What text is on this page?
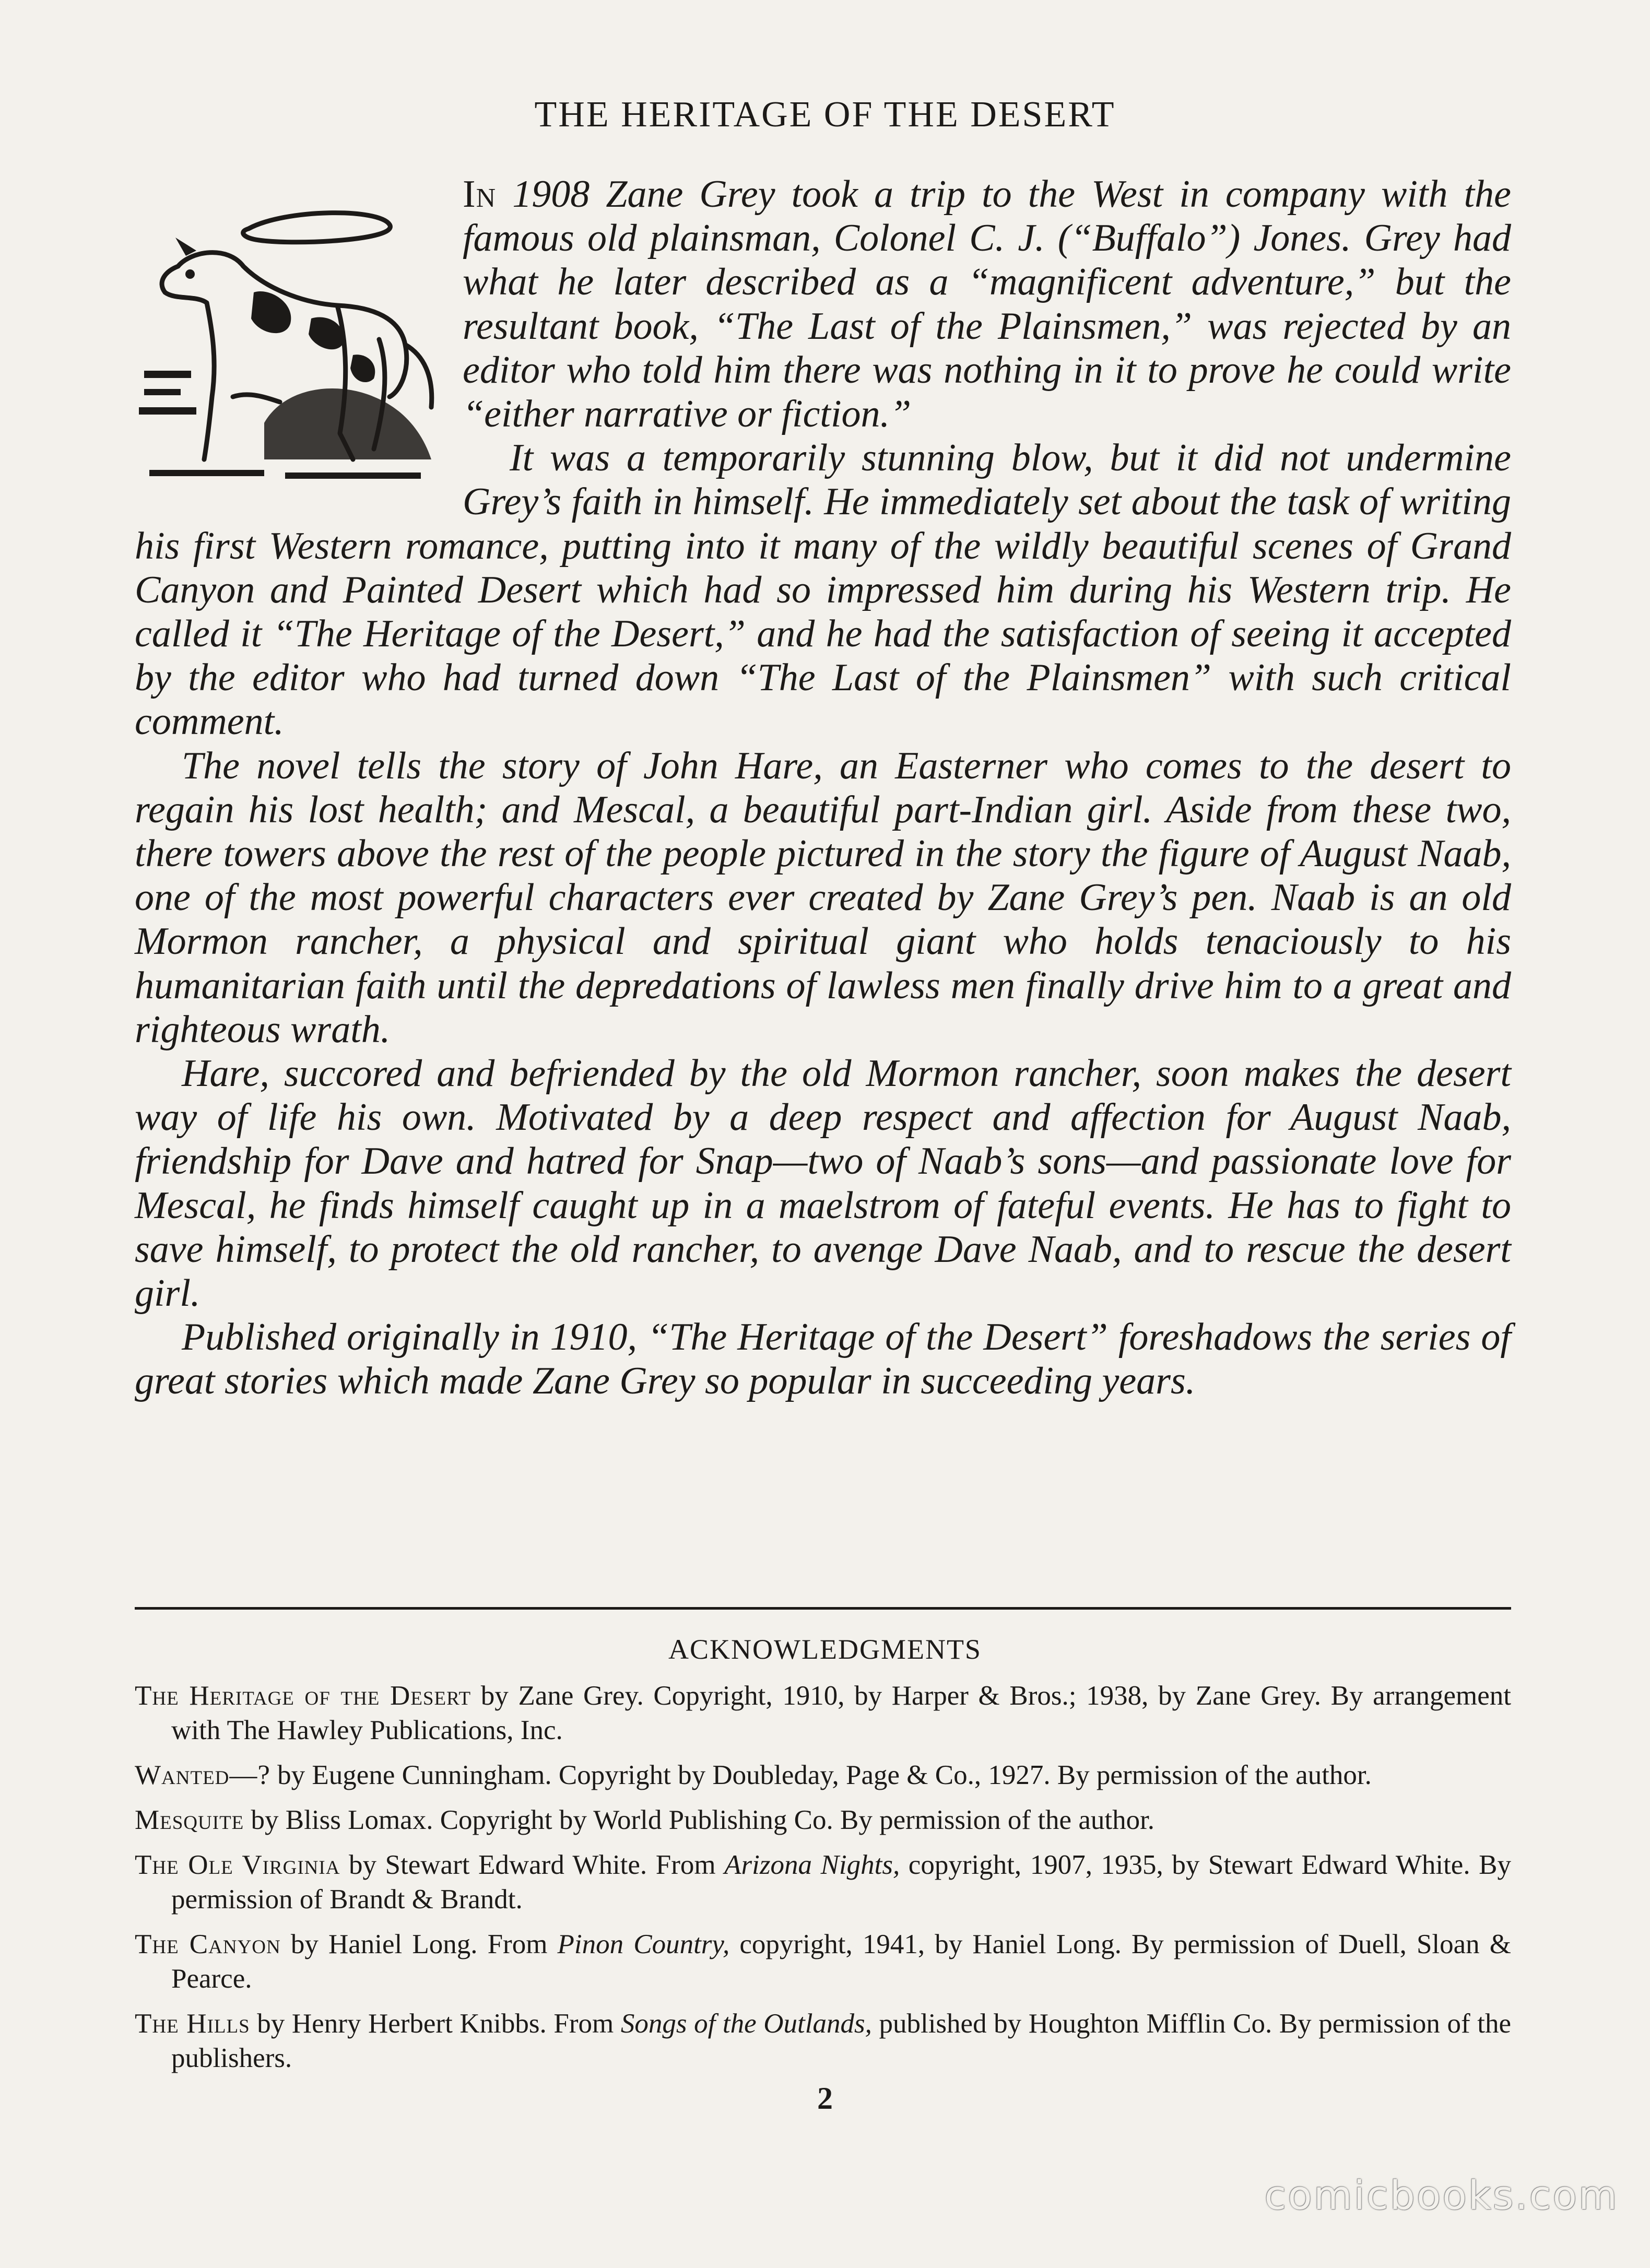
THE HERITAGE OF THE DESERT

In 1908 Zane Grey took a trip to the West in company with the famous old plainsman, Colonel C. J. (“Buffalo”) Jones. Grey had what he later described as a “magnificent adventure,” but the resultant book, “The Last of the Plainsmen,” was rejected by an editor who told him there was nothing in it to prove he could write “either narrative or fiction.”

It was a temporarily stunning blow, but it did not undermine Grey’s faith in himself. He immediately set about the task of writing his first Western romance, putting into it many of the wildly beautiful scenes of Grand Canyon and Painted Desert which had so impressed him during his Western trip. He called it “The Heritage of the Desert,” and he had the satisfaction of seeing it accepted by the editor who had turned down “The Last of the Plainsmen” with such critical comment.

The novel tells the story of John Hare, an Easterner who comes to the desert to regain his lost health; and Mescal, a beautiful part-Indian girl. Aside from these two, there towers above the rest of the people pictured in the story the figure of August Naab, one of the most powerful characters ever created by Zane Grey’s pen. Naab is an old Mormon rancher, a physical and spiritual giant who holds tenaciously to his humanitarian faith until the depredations of lawless men finally drive him to a great and righteous wrath.

Hare, succored and befriended by the old Mormon rancher, soon makes the desert way of life his own. Motivated by a deep respect and affection for August Naab, friendship for Dave and hatred for Snap—two of Naab’s sons—and passionate love for Mescal, he finds himself caught up in a maelstrom of fateful events. He has to fight to save himself, to protect the old rancher, to avenge Dave Naab, and to rescue the desert girl.

Published originally in 1910, “The Heritage of the Desert” foreshadows the series of great stories which made Zane Grey so popular in succeeding years.

ACKNOWLEDGMENTS
The Heritage of the Desert by Zane Grey. Copyright, 1910, by Harper & Bros.; 1938, by Zane Grey. By arrangement with The Hawley Publications, Inc.
Wanted—? by Eugene Cunningham. Copyright by Doubleday, Page & Co., 1927. By permission of the author.
Mesquite by Bliss Lomax. Copyright by World Publishing Co. By permission of the author.
The Ole Virginia by Stewart Edward White. From Arizona Nights, copyright, 1907, 1935, by Stewart Edward White. By permission of Brandt & Brandt.
The Canyon by Haniel Long. From Pinon Country, copyright, 1941, by Haniel Long. By permission of Duell, Sloan & Pearce.
The Hills by Henry Herbert Knibbs. From Songs of the Outlands, published by Houghton Mifflin Co. By permission of the publishers.
2
comicbooks.com
